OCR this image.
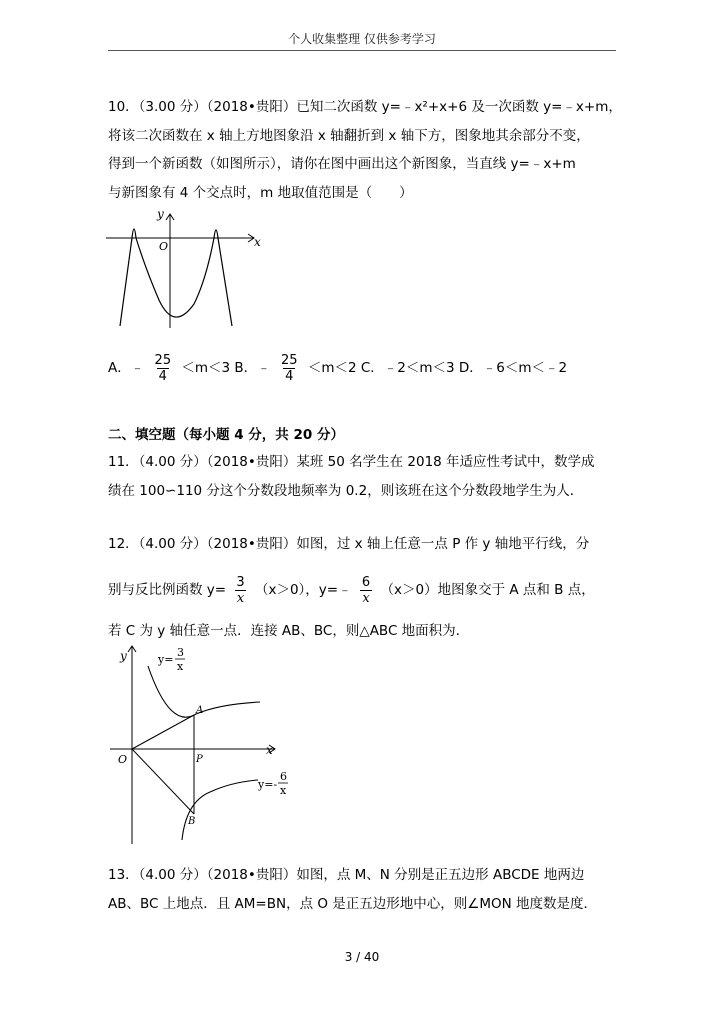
个人收集整理 仅供参考学习
10．（3.00 分）（2018•贵阳）已知二次函数 y=﹣x²+x+6 及一次函数 y=﹣x+m，
将该二次函数在 x 轴上方地图象沿 x 轴翻折到 x 轴下方，图象地其余部分不变，
得到一个新函数（如图所示），请你在图中画出这个新图象，当直线 y=﹣x+m
与新图象有 4 个交点时，m 地取值范围是（　　）
y
x
O
A．﹣ $\frac{25}{4} <m<3$ B．﹣ $\frac{25}{4} <m<2$ C．﹣2＜m＜3 D．﹣6＜m＜﹣2
二、填空题（每小题 4 分，共 20 分）
11．（4.00 分）（2018•贵阳）某班 50 名学生在 2018 年适应性考试中，数学成
绩在 100∽110 分这个分数段地频率为 0.2，则该班在这个分数段地学生为人．
12．（4.00 分）（2018•贵阳）如图，过 x 轴上任意一点 P 作 y 轴地平行线，分
别与反比例函数 $y= \frac{3}{x} (x>0)$，y=﹣ $\frac{6}{x} (x>0)$地图象交于 A 点和 B 点，
若 C 为 y 轴任意一点．连接 AB、BC，则△ABC 地面积为.
y
x
O
y=
3
x
y=-
6
x
A
P
B
13．（4.00 分）（2018•贵阳）如图，点 M、N 分别是正五边形 ABCDE 地两边
AB、BC 上地点．且 AM=BN，点 O 是正五边形地中心，则∠MON 地度数是度．
3 / 40
